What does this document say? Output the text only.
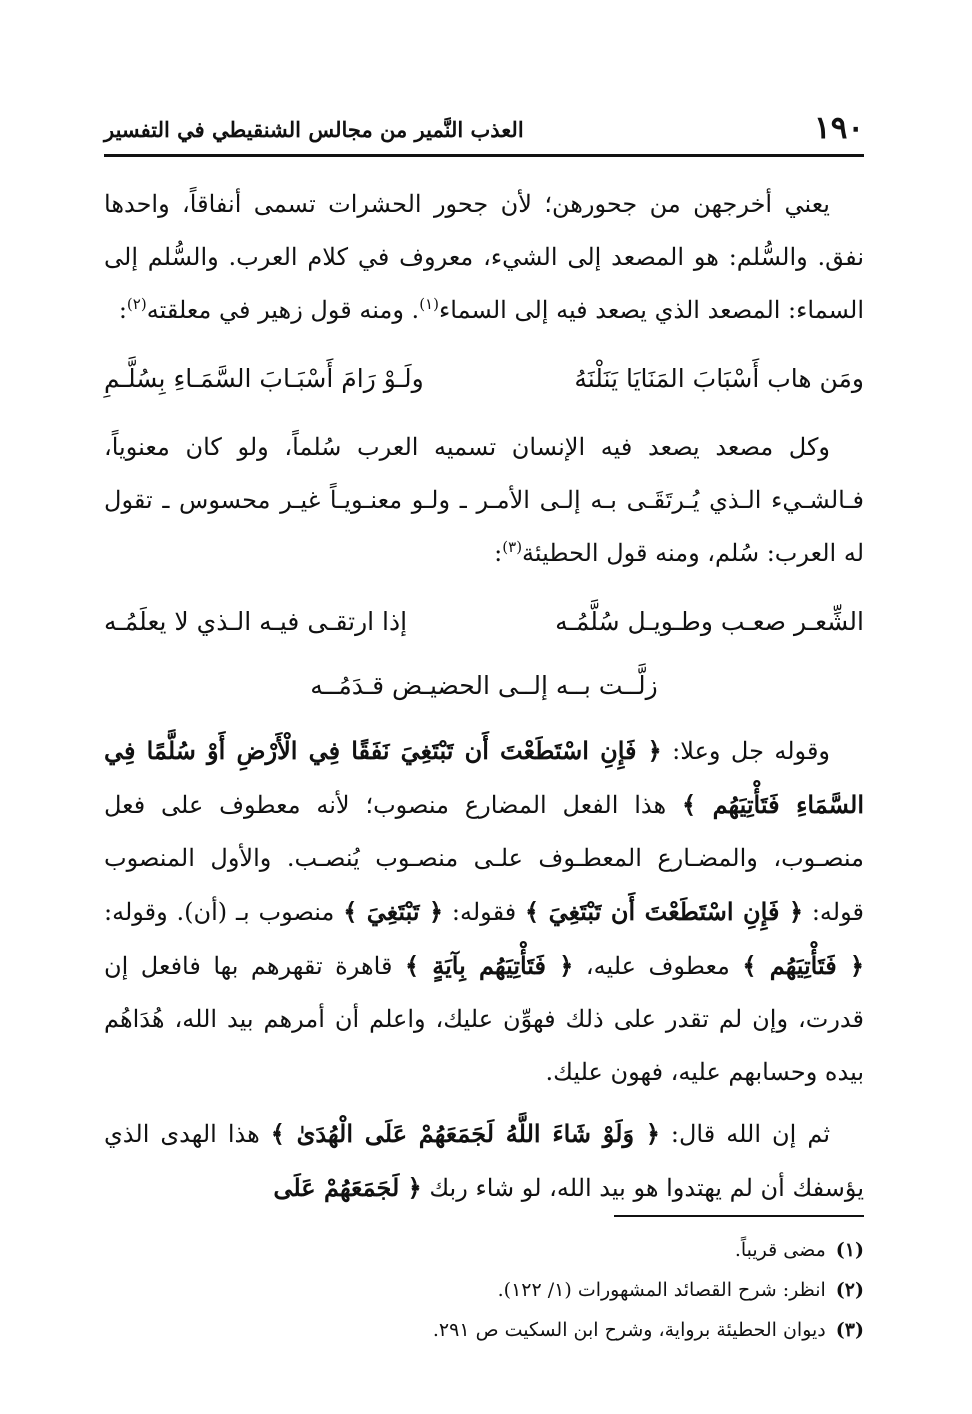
١٩٠
العذب النَّمير من مجالس الشنقيطي في التفسير

يعني أخرجهن من جحورهن؛ لأن جحور الحشرات تسمى أنفاقاً، واحدها نفق. والسُّلم: هو المصعد إلى الشيء، معروف في كلام العرب. والسُّلم إلى السماء: المصعد الذي يصعد فيه إلى السماء$^{(١)}$. ومنه قول زهير في معلقته$^{(٢)}$:

ومَن هاب أَسْبَابَ المَنَايَا يَنَلْنَهُ
ولَـوْ رَامَ أَسْبَـابَ السَّمَـاءِ بِسُلَّـمِ

وكل مصعد يصعد فيه الإنسان تسميه العرب سُلماً، ولو كان معنوياً، فـالشـيء الـذي يُـرتَقَـى بـه إلـى الأمـر ـ ولـو معنـويـاً غيـر محسوس ـ تقول له العرب: سُلم، ومنه قول الحطيئة$^{(٣)}$:

الشِّعـر صعـب وطـويـل سُلَّمُـه
إذا ارتقـى فيـه الـذي لا يعلَمُـه
زلَّــت بــه إلــى الحضيـض قـدَمُــه

وقوله جل وعلا: ﴿ فَإِنِ اسْتَطَعْتَ أَن تَبْتَغِيَ نَفَقًا فِي الْأَرْضِ أَوْ سُلَّمًا فِي السَّمَاءِ فَتَأْتِيَهُم ﴾ هذا الفعل المضارع منصوب؛ لأنه معطوف على فعل منصـوب، والمضـارع المعطـوف علـى منصـوب يُنصـب. والأول المنصوب قوله: ﴿ فَإِنِ اسْتَطَعْتَ أَن تَبْتَغِيَ ﴾ فقوله: ﴿ تَبْتَغِيَ ﴾ منصوب بـ (أن). وقوله: ﴿ فَتَأْتِيَهُم ﴾ معطوف عليه، ﴿ فَتَأْتِيَهُم بِآيَةٍ ﴾ قاهرة تقهرهم بها فافعل إن قدرت، وإن لم تقدر على ذلك فهوِّن عليك، واعلم أن أمرهم بيد الله، هُدَاهُم بيده وحسابهم عليه، فهون عليك.

ثم إن الله قال: ﴿ وَلَوْ شَاءَ اللَّهُ لَجَمَعَهُمْ عَلَى الْهُدَىٰ ﴾ هذا الهدى الذي يؤسفك أن لم يهتدوا هو بيد الله، لو شاء ربك ﴿ لَجَمَعَهُمْ عَلَى

(١)مضى قريباً.

(٢)انظر: شرح القصائد المشهورات (١/ ١٢٢).

(٣)ديوان الحطيئة برواية، وشرح ابن السكيت ص ٢٩١.
